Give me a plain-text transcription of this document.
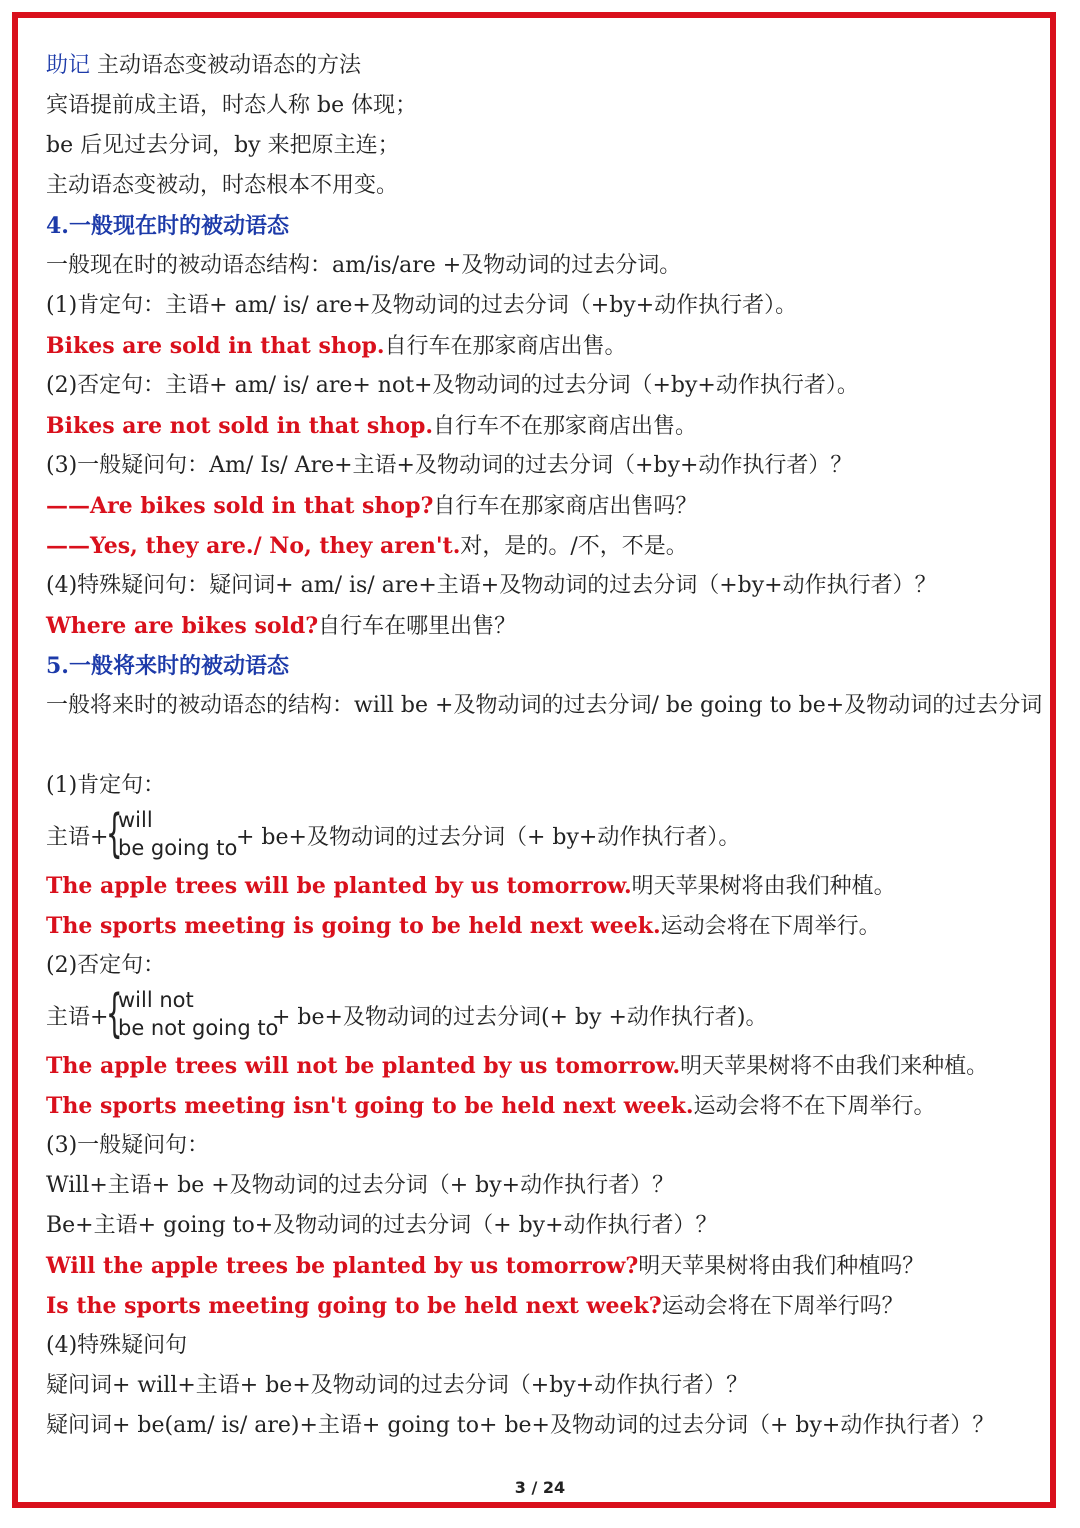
助记 主动语态变被动语态的方法
宾语提前成主语，时态人称 be 体现；
be 后见过去分词，by 来把原主连；
主动语态变被动，时态根本不用变。
4.一般现在时的被动语态
一般现在时的被动语态结构：am/is/are +及物动词的过去分词。
(1)肯定句：主语+ am/ is/ are+及物动词的过去分词（+by+动作执行者）。
Bikes are sold in that shop.自行车在那家商店出售。
(2)否定句：主语+ am/ is/ are+ not+及物动词的过去分词（+by+动作执行者）。
Bikes are not sold in that shop.自行车不在那家商店出售。
(3)一般疑问句：Am/ Is/ Are+主语+及物动词的过去分词（+by+动作执行者）？
——Are bikes sold in that shop?自行车在那家商店出售吗？
——Yes, they are./ No, they aren't.对，是的。/不，不是。
(4)特殊疑问句：疑问词+ am/ is/ are+主语+及物动词的过去分词（+by+动作执行者）？
Where are bikes sold?自行车在哪里出售？
5.一般将来时的被动语态
一般将来时的被动语态的结构：will be +及物动词的过去分词/ be going to be+及物动词的过去分词
(1)肯定句：
主语+
{
will
be going to
+ be+及物动词的过去分词（+ by+动作执行者）。
The apple trees will be planted by us tomorrow.明天苹果树将由我们种植。
The sports meeting is going to be held next week.运动会将在下周举行。
(2)否定句：
主语+
{
will not
be not going to
+ be+及物动词的过去分词(+ by +动作执行者)。
The apple trees will not be planted by us tomorrow.明天苹果树将不由我们来种植。
The sports meeting isn't going to be held next week.运动会将不在下周举行。
(3)一般疑问句：
Will+主语+ be +及物动词的过去分词（+ by+动作执行者）？
Be+主语+ going to+及物动词的过去分词（+ by+动作执行者）？
Will the apple trees be planted by us tomorrow?明天苹果树将由我们种植吗？
Is the sports meeting going to be held next week?运动会将在下周举行吗？
(4)特殊疑问句
疑问词+ will+主语+ be+及物动词的过去分词（+by+动作执行者）？
疑问词+ be(am/ is/ are)+主语+ going to+ be+及物动词的过去分词（+ by+动作执行者）？
3 / 24
